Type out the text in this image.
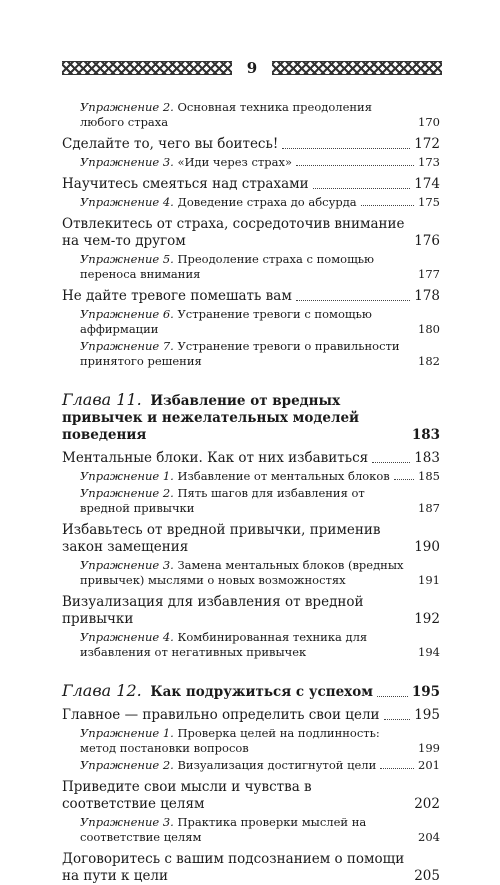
9
Упражнение 2. Основная техника преодоления любого страха	170
Сделайте то, чего вы боитесь!	172
Упражнение 3. «Иди через страх»	173
Научитесь смеяться над страхами	174
Упражнение 4. Доведение страха до абсурда	175
Отвлекитесь от страха, сосредоточив внимание на чем-то другом	176
Упражнение 5. Преодоление страха с помощью переноса внимания	177
Не дайте тревоге помешать вам	178
Упражнение 6. Устранение тревоги с помощью аффирмации	180
Упражнение 7. Устранение тревоги о правильности принятого решения	182
Глава 11. Избавление от вредных привычек и нежелательных моделей поведения	183
Ментальные блоки. Как от них избавиться	183
Упражнение 1. Избавление от ментальных блоков 185
Упражнение 2. Пять шагов для избавления от вредной привычки	187
Избавьтесь от вредной привычки, применив закон замещения	190
Упражнение 3. Замена ментальных блоков (вредных привычек) мыслями о новых возможностях	191
Визуализация для избавления от вредной привычки	192
Упражнение 4. Комбинированная техника для избавления от негативных привычек	194
Глава 12. Как подружиться с успехом	195
Главное — правильно определить свои цели	195
Упражнение 1. Проверка целей на подлинность: метод постановки вопросов	199
Упражнение 2. Визуализация достигнутой цели	201
Приведите свои мысли и чувства в соответствие целям	202
Упражнение 3. Практика проверки мыслей на соответствие целям	204
Договоритесь с вашим подсознанием о помощи на пути к цели	205
